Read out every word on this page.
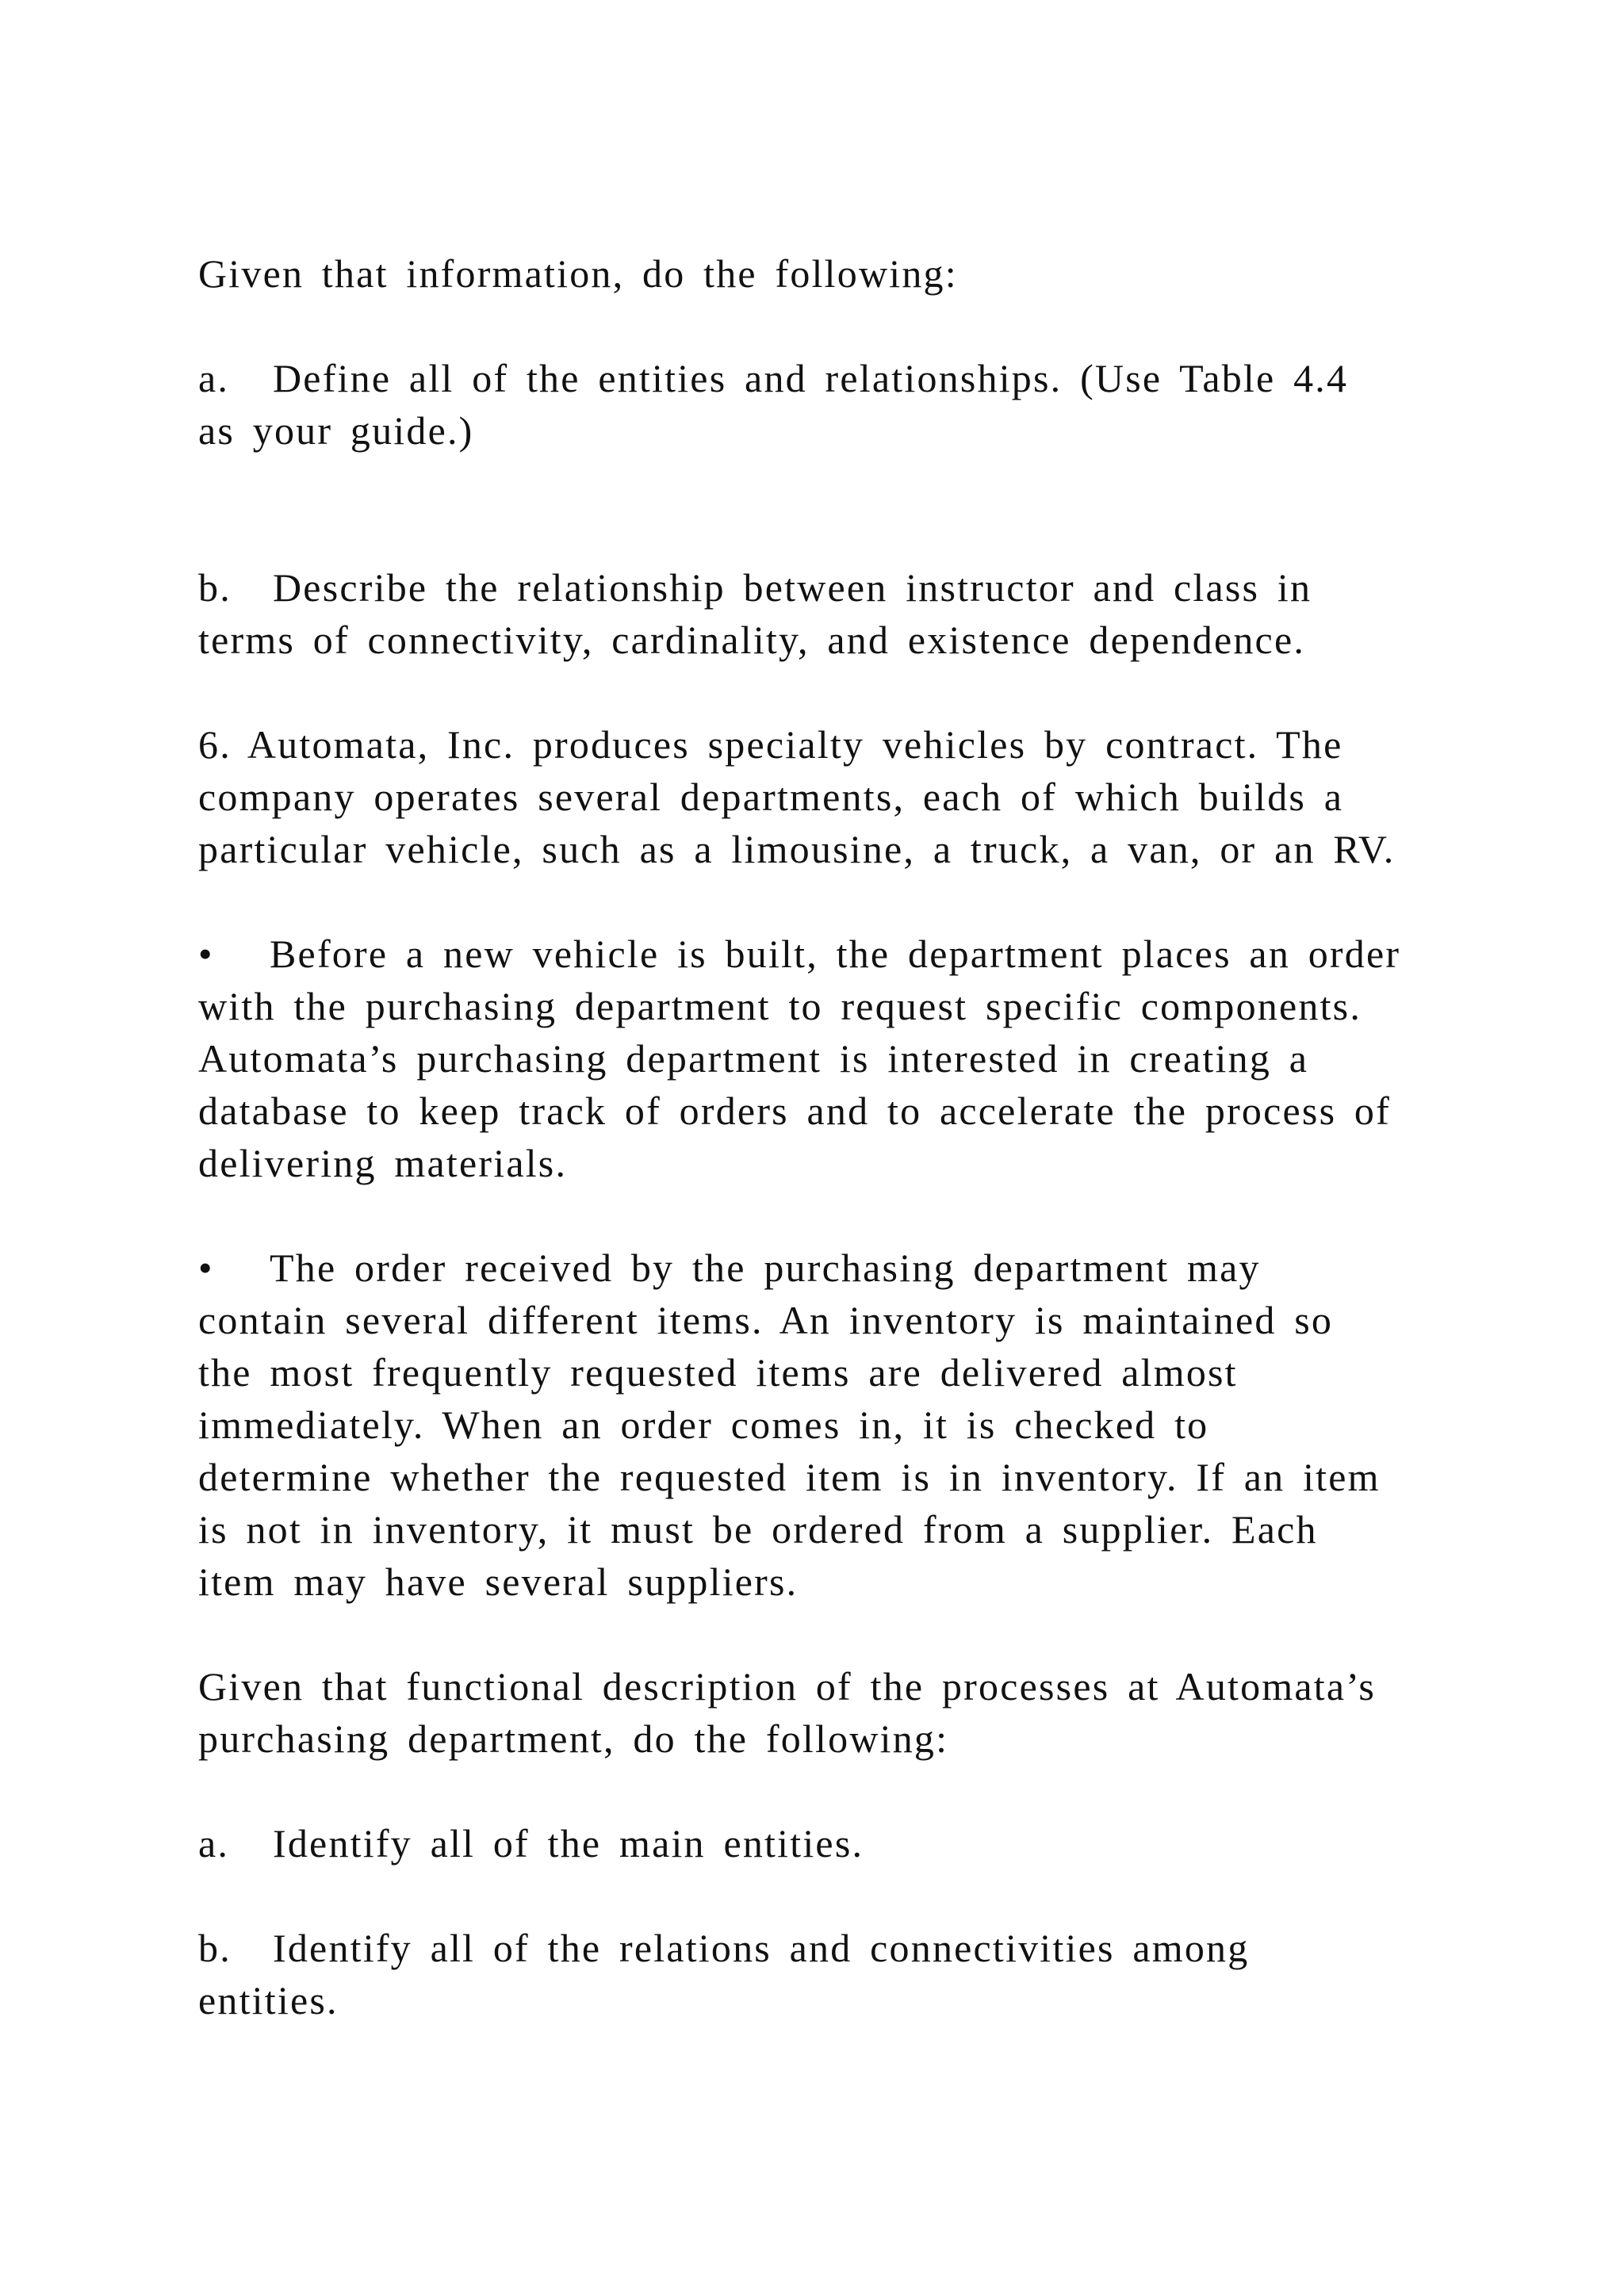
Given that information, do the following:

a. Define all of the entities and relationships. (Use Table 4.4
as your guide.)

b. Describe the relationship between instructor and class in
terms of connectivity, cardinality, and existence dependence.

6. Automata, Inc. produces specialty vehicles by contract. The
company operates several departments, each of which builds a
particular vehicle, such as a limousine, a truck, a van, or an RV.

• Before a new vehicle is built, the department places an order
with the purchasing department to request specific components.
Automata’s purchasing department is interested in creating a
database to keep track of orders and to accelerate the process of
delivering materials.

• The order received by the purchasing department may
contain several different items. An inventory is maintained so
the most frequently requested items are delivered almost
immediately. When an order comes in, it is checked to
determine whether the requested item is in inventory. If an item
is not in inventory, it must be ordered from a supplier. Each
item may have several suppliers.

Given that functional description of the processes at Automata’s
purchasing department, do the following:

a. Identify all of the main entities.

b. Identify all of the relations and connectivities among
entities.
